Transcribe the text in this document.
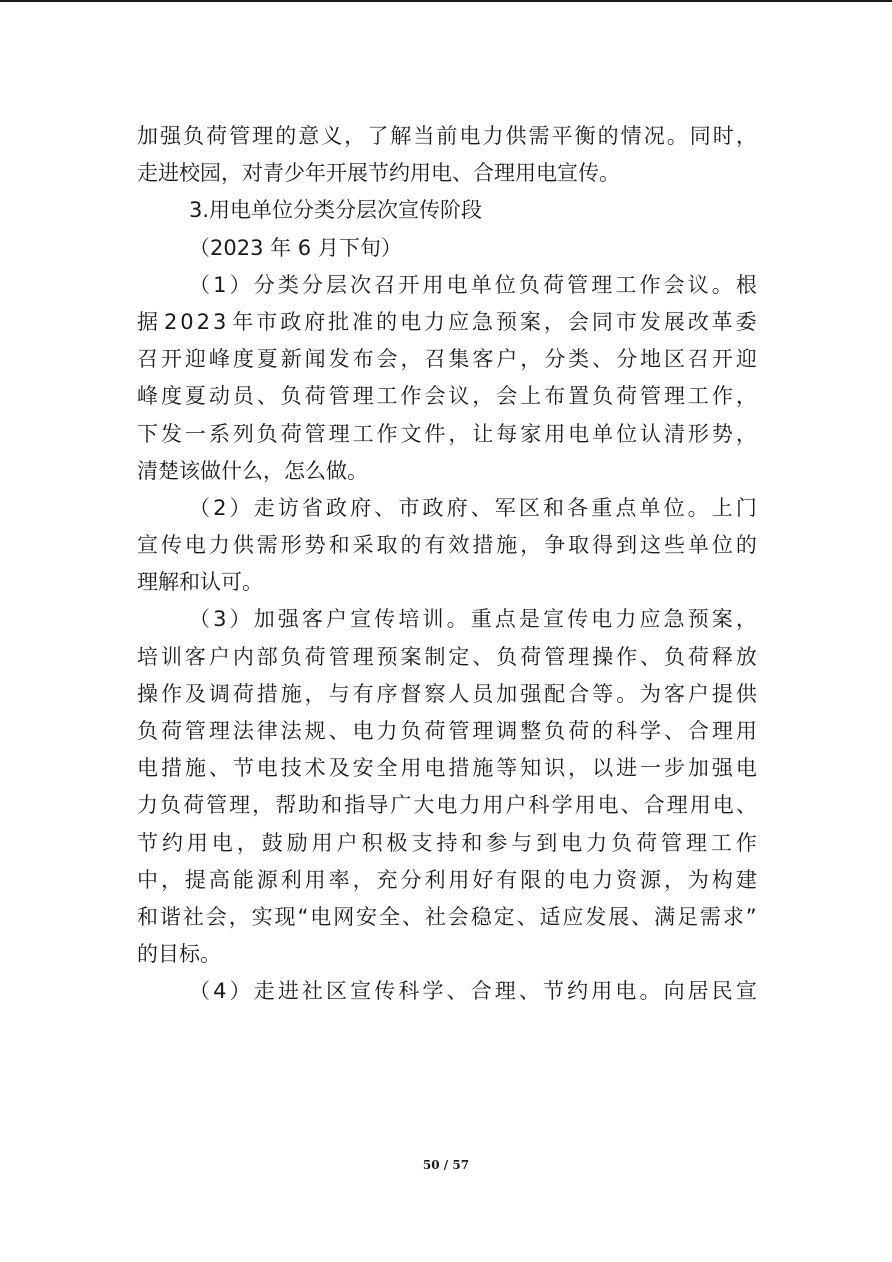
加 强 负 荷 管 理 的 意 义 ， 了 解 当 前 电 力 供 需 平 衡 的 情 况 。 同 时 ，
走进校园，对青少年开展节约用电、合理用电宣传。
3.用电单位分类分层次宣传阶段
（2023 年 6 月下旬）
（ 1 ） 分 类 分 层 次 召 开 用 电 单 位 负 荷 管 理 工 作 会 议 。 根
据 2 0 2 3 年 市 政 府 批 准 的 电 力 应 急 预 案 ， 会 同 市 发 展 改 革 委
召 开 迎 峰 度 夏 新 闻 发 布 会 ， 召 集 客 户 ， 分 类 、 分 地 区 召 开 迎
峰 度 夏 动 员 、 负 荷 管 理 工 作 会 议 ， 会 上 布 置 负 荷 管 理 工 作 ，
下 发 一 系 列 负 荷 管 理 工 作 文 件 ， 让 每 家 用 电 单 位 认 清 形 势 ，
清楚该做什么，怎么做。
（ 2 ） 走 访 省 政 府 、 市 政 府 、 军 区 和 各 重 点 单 位 。 上 门
宣 传 电 力 供 需 形 势 和 采 取 的 有 效 措 施 ， 争 取 得 到 这 些 单 位 的
理解和认可。
（ 3 ） 加 强 客 户 宣 传 培 训 。 重 点 是 宣 传 电 力 应 急 预 案 ，
培 训 客 户 内 部 负 荷 管 理 预 案 制 定 、 负 荷 管 理 操 作 、 负 荷 释 放
操 作 及 调 荷 措 施 ， 与 有 序 督 察 人 员 加 强 配 合 等 。 为 客 户 提 供
负 荷 管 理 法 律 法 规 、 电 力 负 荷 管 理 调 整 负 荷 的 科 学 、 合 理 用
电 措 施 、 节 电 技 术 及 安 全 用 电 措 施 等 知 识 ， 以 进 一 步 加 强 电
力 负 荷 管 理 ， 帮 助 和 指 导 广 大 电 力 用 户 科 学 用 电 、 合 理 用 电 、
节 约 用 电 ， 鼓 励 用 户 积 极 支 持 和 参 与 到 电 力 负 荷 管 理 工 作
中 ， 提 高 能 源 利 用 率 ， 充 分 利 用 好 有 限 的 电 力 资 源 ， 为 构 建
和 谐 社 会 ， 实 现 “ 电 网 安 全 、 社 会 稳 定 、 适 应 发 展 、 满 足 需 求 ”
的目标。
（ 4 ） 走 进 社 区 宣 传 科 学 、 合 理 、 节 约 用 电 。 向 居 民 宣
50 / 57
